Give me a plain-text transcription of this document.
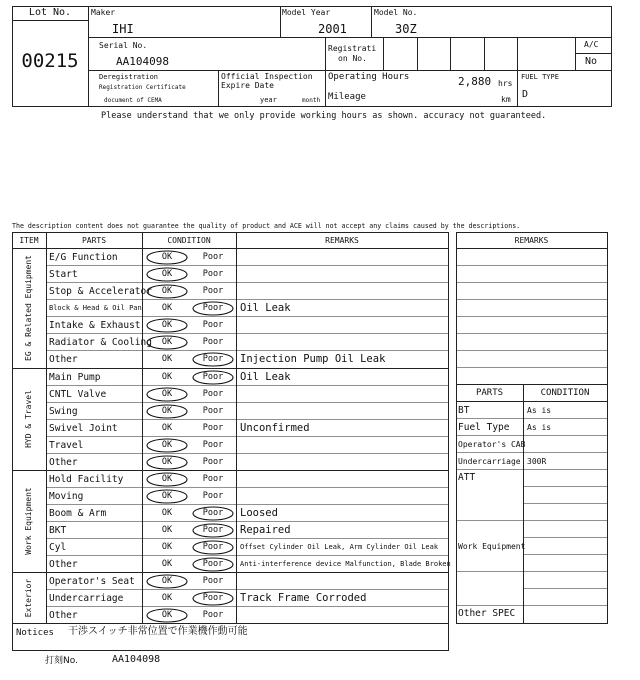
Lot No.
00215
Maker
IHI
Model Year
2001
Model No.
30Z
Serial No.
AA104098
Registrati
on No.
A/C
No
Deregistration
Registration Certificate
document of CEMA
Official Inspection
Expire Date
year	month
Operating Hours	2,880 hrs
Mileage	km
FUEL TYPE
D
Please understand that we only provide working hours as shown. accuracy not guaranteed.
The description content does not guarantee the quality of product and ACE will not accept any claims caused by the descriptions.
ITEM	PARTS	CONDITION	REMARKS
EG & Related Equipment
HYD & Travel
Work Equipment
Exterior
E/G Function	OK	Poor
Start	OK	Poor
Stop & Accelerator	OK	Poor
Block & Head & Oil Pan	OK	Poor	Oil Leak
Intake & Exhaust	OK	Poor
Radiator & Cooling	OK	Poor
Other	OK	Poor	Injection Pump Oil Leak
Main Pump	OK	Poor	Oil Leak
CNTL Valve	OK	Poor
Swing	OK	Poor
Swivel Joint	OK	Poor	Unconfirmed
Travel	OK	Poor
Other	OK	Poor
Hold Facility	OK	Poor
Moving	OK	Poor
Boom & Arm	OK	Poor	Loosed
BKT	OK	Poor	Repaired
Cyl	OK	Poor	Offset Cylinder Oil Leak, Arm Cylinder Oil Leak
Other	OK	Poor	Anti-interference device Malfunction, Blade Broken
Operator's Seat	OK	Poor
Undercarriage	OK	Poor	Track Frame Corroded
Other	OK	Poor
REMARKS
PARTS	CONDITION
BT	As is
Fuel Type As is
Operator's CAB
Undercarriage 300R
ATT
Work Equipment
Other SPEC
Notices 干渉スイッチ非常位置で作業機作動可能
打刻No.	AA104098
